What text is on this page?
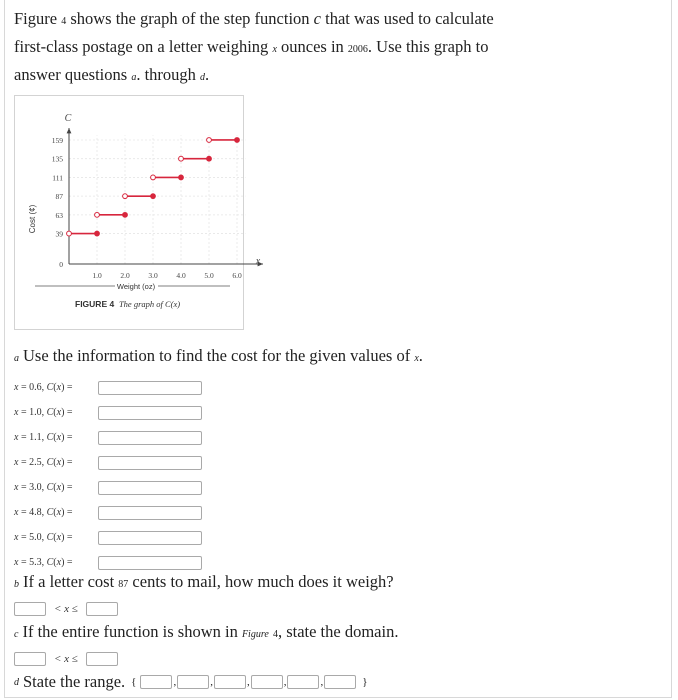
Figure 4 shows the graph of the step function c that was used to calculate first-class postage on a letter weighing x ounces in 2006. Use this graph to answer questions a. through d.
C
x
0
39
63
87
111
135
159
1.0 2.0 3.0 4.0 5.0 6.0
Cost (¢)
Weight (oz)
FIGURE 4 The graph of C(x)
a Use the information to find the cost for the given values of x.
x = 0.6, C(x) =
x = 1.0, C(x) =
x = 1.1, C(x) =
x = 2.5, C(x) =
x = 3.0, C(x) =
x = 4.8, C(x) =
x = 5.0, C(x) =
x = 5.3, C(x) =
b If a letter cost 87 cents to mail, how much does it weigh?
< x ≤
c If the entire function is shown in Figure 4, state the domain.
< x ≤
d State the range. {	,	,	,	,	,	}
